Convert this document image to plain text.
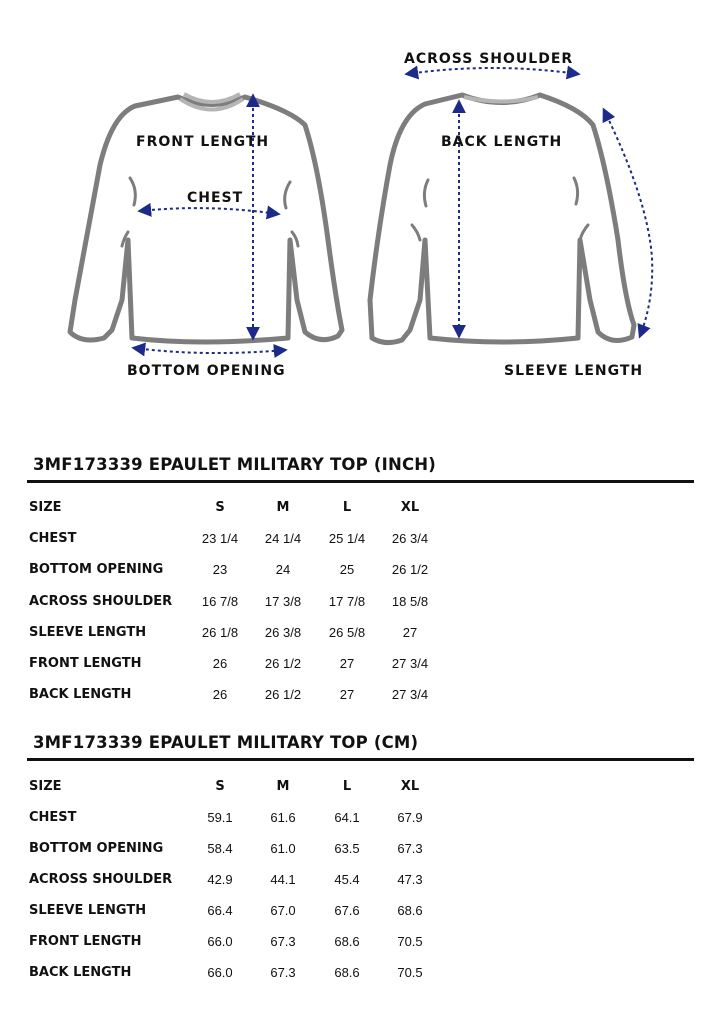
FRONT LENGTH
CHEST
BOTTOM OPENING
ACROSS SHOULDER
BACK LENGTH
SLEEVE LENGTH
3MF173339 EPAULET MILITARY TOP (INCH)
SIZE	S	M	L	XL
CHEST	23 1/4	24 1/4	25 1/4	26 3/4
BOTTOM OPENING	23	24	25	26 1/2
ACROSS SHOULDER	16 7/8	17 3/8	17 7/8	18 5/8
SLEEVE LENGTH	26 1/8	26 3/8	26 5/8	27
FRONT LENGTH	26	26 1/2	27	27 3/4
BACK LENGTH	26	26 1/2	27	27 3/4
3MF173339 EPAULET MILITARY TOP (CM)
SIZE	S	M	L	XL
CHEST	59.1	61.6	64.1	67.9
BOTTOM OPENING	58.4	61.0	63.5	67.3
ACROSS SHOULDER	42.9	44.1	45.4	47.3
SLEEVE LENGTH	66.4	67.0	67.6	68.6
FRONT LENGTH	66.0	67.3	68.6	70.5
BACK LENGTH	66.0	67.3	68.6	70.5
